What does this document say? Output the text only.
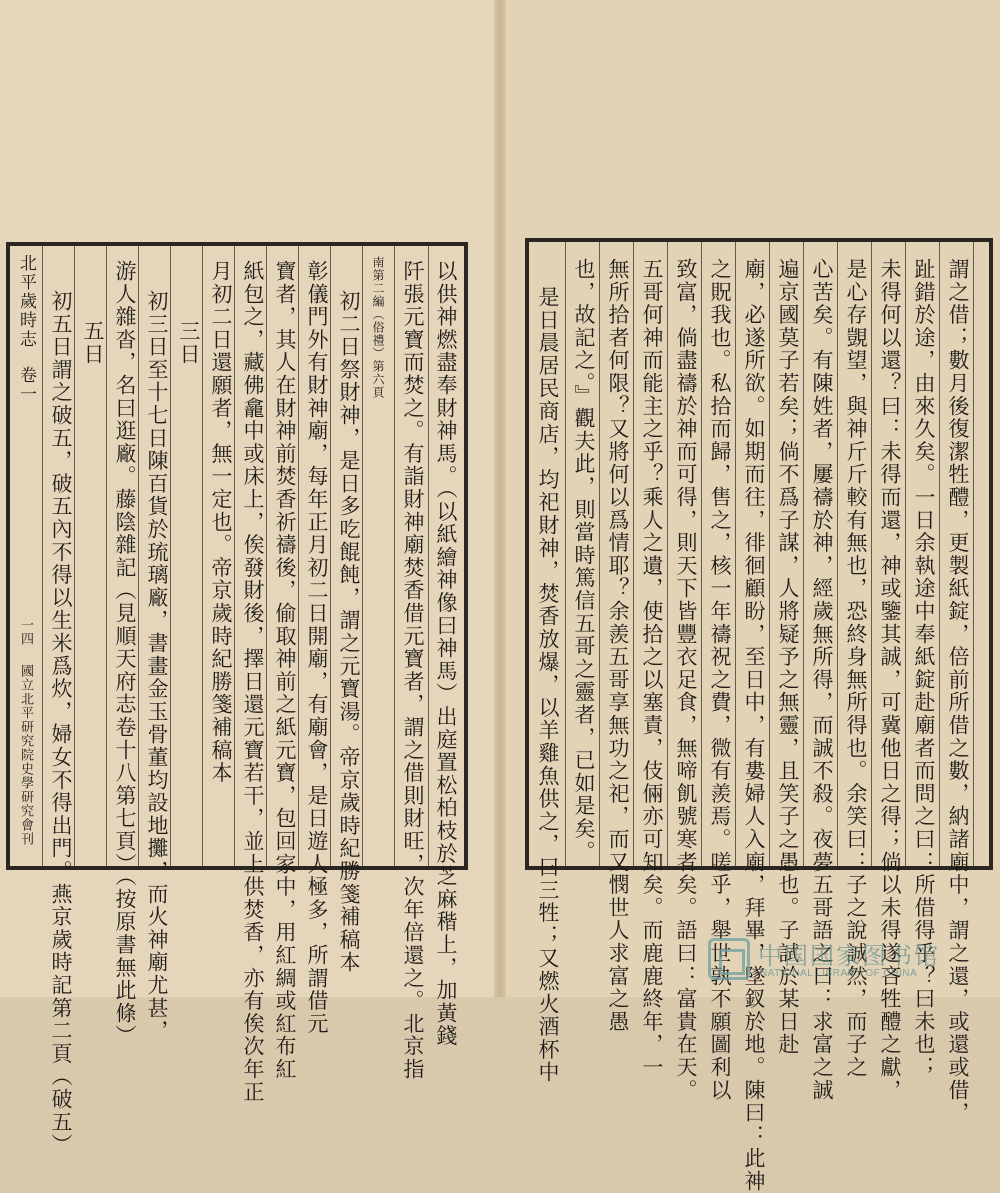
北平歲時志
卷一
一四
國立北平研究院史學研究會刊	以供神燃盡奉財神馬。（以紙繪神像曰神馬）出庭置松柏枝於芝麻稭上，加黃錢
阡張元寶而焚之。有詣財神廟焚香借元寶者，謂之借則財旺，次年倍還之。北京指
南第二編（俗禮）第六頁
初二日祭財神，是日多吃餛飩，謂之元寶湯。帝京歲時紀勝箋補稿本
彰儀門外有財神廟，每年正月初二日開廟，有廟會，是日遊人極多，所謂借元
寶者，其人在財神前焚香祈禱後，偷取神前之紙元寶，包回家中，用紅綢或紅布紅
紙包之，藏佛龕中或床上，俟發財後，擇日還元寶若干，並上供焚香，亦有俟次年正
月初二日還願者，無一定也。帝京歲時紀勝箋補稿本
三日
初三日至十七日陳百貨於琉璃廠，書畫金玉骨董均設地攤，而火神廟尤甚，
游人雜沓，名曰逛廠。藤陰雜記（見順天府志卷十八第七頁）（按原書無此條）
五日
初五日謂之破五，破五內不得以生米爲炊，婦女不得出門。燕京歲時記第二頁（破五）	謂之借；數月後復潔牲醴，更製紙錠，倍前所借之數，納諸廟中，謂之還，或還或借，
趾錯於途，由來久矣。一日余執途中奉紙錠赴廟者而問之曰：所借得乎？曰未也；
未得何以還？曰：未得而還，神或鑒其誠，可冀他日之得；倘以未得遂吝牲醴之獻，
是心存覬望，與神斤斤較有無也，恐終身無所得也。余笑曰：子之說誠然，而子之
心苦矣。有陳姓者，屢禱於神，經歲無所得，而誠不殺。夜夢五哥語之曰：求富之誠
遍京國莫子若矣；倘不爲子謀，人將疑予之無靈，且笑子之愚也。子試於某日赴
廟，必遂所欲。如期而往，徘徊顧盼，至日中，有婁婦人入廟，拜畢，墜釵於地。陳曰：此神
之貺我也。私拾而歸，售之，核一年禱祝之費，微有羨焉。嗟乎，舉世孰不願圖利以
致富，倘盡禱於神而可得，則天下皆豐衣足食，無啼飢號寒者矣。語曰：富貴在天。
五哥何神而能主之乎？乘人之遺，使拾之以塞責，伎倆亦可知矣。而鹿鹿終年，一
無所拾者何限？又將何以爲情耶？余羨五哥享無功之祀，而又憫世人求富之愚
也，故記之。』觀夫此，則當時篤信五哥之靈者，已如是矣。
是日晨居民商店，均祀財神，焚香放爆，以羊雞魚供之，曰三牲；又燃火酒杯中	中国国家图书馆
NATIONAL LIBRARY OF CHINA
